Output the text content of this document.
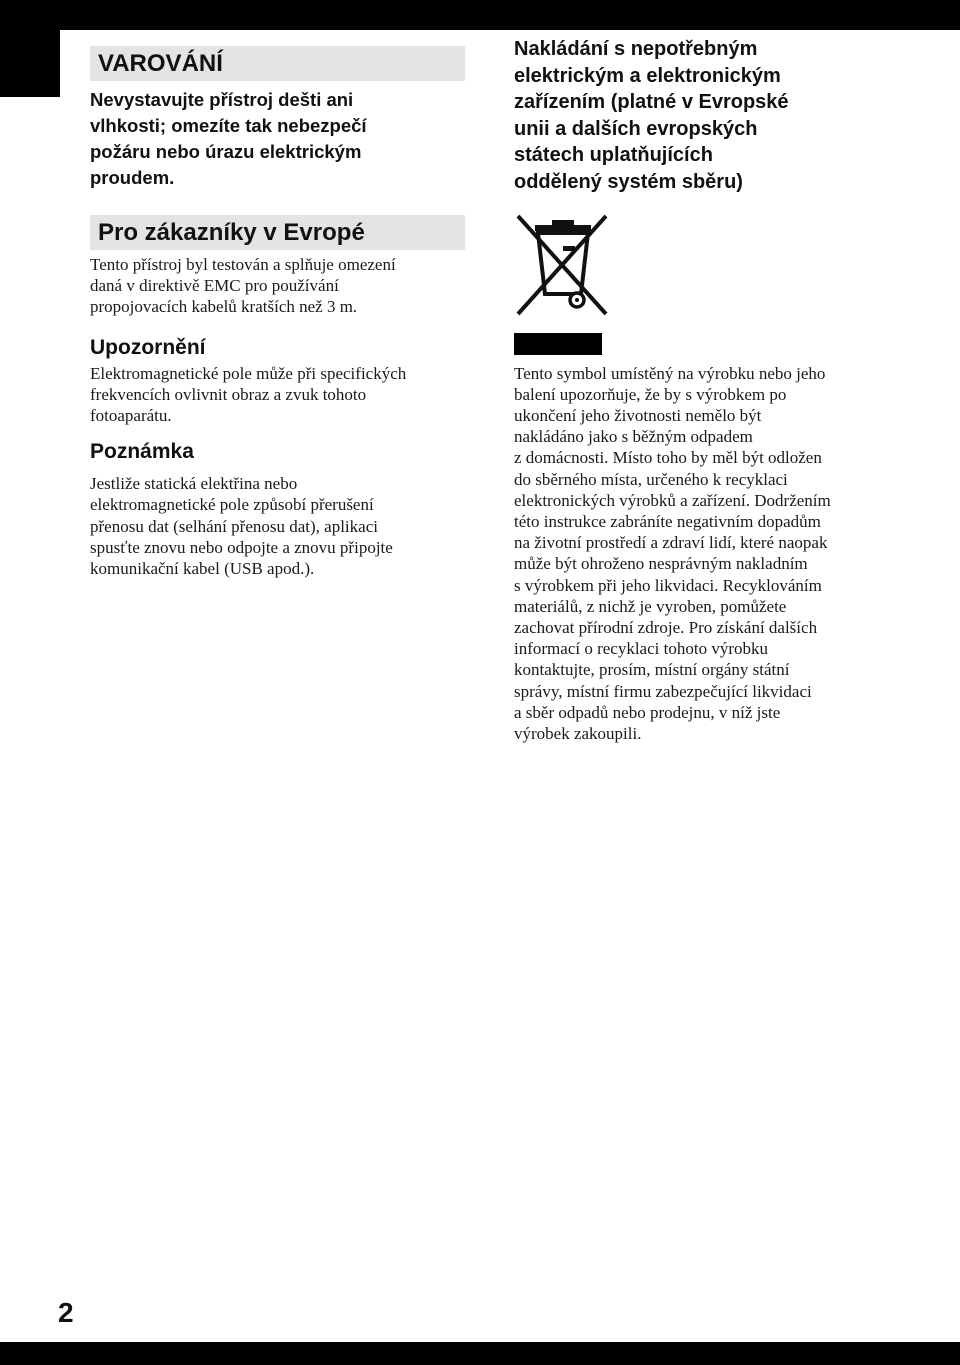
2
VAROVÁNÍ
Nevystavujte přístroj dešti ani
vlhkosti; omezíte tak nebezpečí
požáru nebo úrazu elektrickým
proudem.
Pro zákazníky v Evropé
Tento přístroj byl testován a splňuje omezení
daná v direktivě EMC pro používání
propojovacích kabelů kratších než 3 m.
Upozornění
Elektromagnetické pole může při specifických
frekvencích ovlivnit obraz a zvuk tohoto
fotoaparátu.
Poznámka
Jestliže statická elektřina nebo
elektromagnetické pole způsobí přerušení
přenosu dat (selhání přenosu dat), aplikaci
spusťte znovu nebo odpojte a znovu připojte
komunikační kabel (USB apod.).
Nakládání s nepotřebným
elektrickým a elektronickým
zařízením (platné v Evropské
unii a dalších evropských
státech uplatňujících
oddělený systém sběru)
Tento symbol umístěný na výrobku nebo jeho
balení upozorňuje, že by s výrobkem po
ukončení jeho životnosti nemělo být
nakládáno jako s běžným odpadem
z domácnosti. Místo toho by měl být odložen
do sběrného místa, určeného k recyklaci
elektronických výrobků a zařízení. Dodržením
této instrukce zabráníte negativním dopadům
na životní prostředí a zdraví lidí, které naopak
může být ohroženo nesprávným nakladním
s výrobkem při jeho likvidaci. Recyklováním
materiálů, z nichž je vyroben, pomůžete
zachovat přírodní zdroje. Pro získání dalších
informací o recyklaci tohoto výrobku
kontaktujte, prosím, místní orgány státní
správy, místní firmu zabezpečující likvidaci
a sběr odpadů nebo prodejnu, v níž jste
výrobek zakoupili.
